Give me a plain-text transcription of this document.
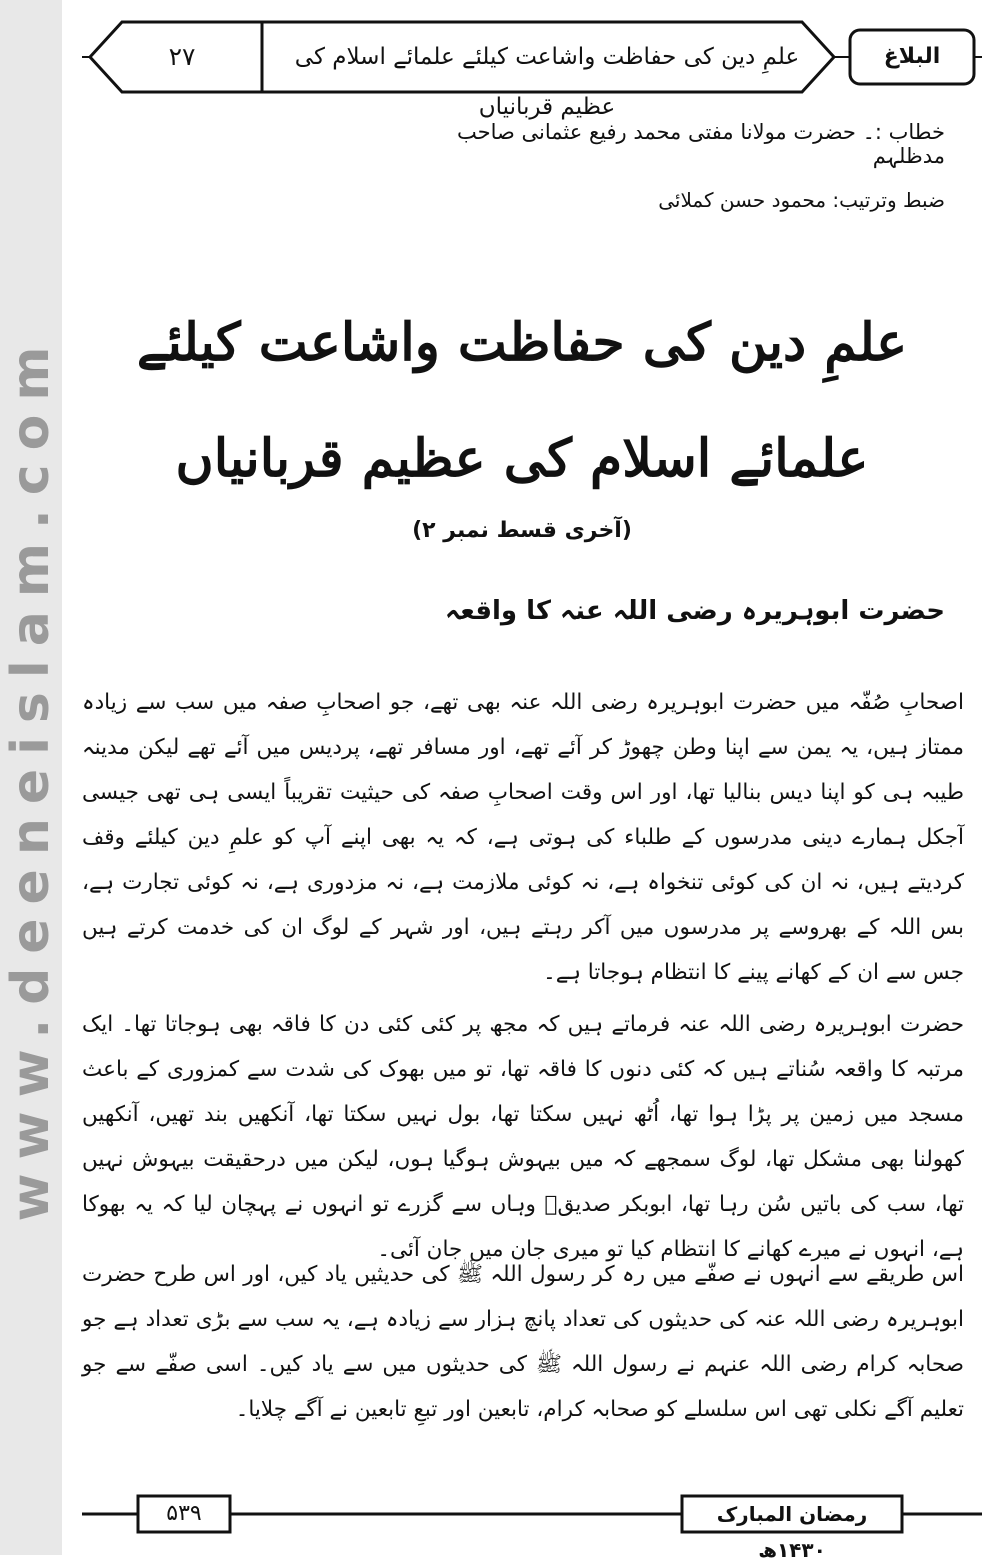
www.deeneislam.com
۲۷	علمِ دین کی حفاظت واشاعت کیلئے علمائے اسلام کی عظیم قربانیاں
البلاغ
خطاب :۔ حضرت مولانا مفتی محمد رفیع عثمانی صاحب مدظلہم
ضبط وترتیب: محمود حسن کملائی
علمِ دین کی حفاظت واشاعت کیلئے
علمائے اسلام کی عظیم قربانیاں
(آخری قسط نمبر ۲)
حضرت ابوہریرہ رضی اللہ عنہ کا واقعہ

اصحابِ صُفّہ میں حضرت ابوہریرہ رضی اللہ عنہ بھی تھے، جو اصحابِ صفہ میں سب سے زیادہ ممتاز ہیں، یہ یمن سے اپنا وطن چھوڑ کر آئے تھے، اور مسافر تھے، پردیس میں آئے تھے لیکن مدینہ طیبہ ہی کو اپنا دیس بنالیا تھا، اور اس وقت اصحابِ صفہ کی حیثیت تقریباً ایسی ہی تھی جیسی آجکل ہمارے دینی مدرسوں کے طلباء کی ہوتی ہے، کہ یہ بھی اپنے آپ کو علمِ دین کیلئے وقف کردیتے ہیں، نہ ان کی کوئی تنخواہ ہے، نہ کوئی ملازمت ہے، نہ مزدوری ہے، نہ کوئی تجارت ہے، بس اللہ کے بھروسے پر مدرسوں میں آکر رہتے ہیں، اور شہر کے لوگ ان کی خدمت کرتے ہیں جس سے ان کے کھانے پینے کا انتظام ہوجاتا ہے۔

حضرت ابوہریرہ رضی اللہ عنہ فرماتے ہیں کہ مجھ پر کئی کئی دن کا فاقہ بھی ہوجاتا تھا۔ ایک مرتبہ کا واقعہ سُناتے ہیں کہ کئی دنوں کا فاقہ تھا، تو میں بھوک کی شدت سے کمزوری کے باعث مسجد میں زمین پر پڑا ہوا تھا، اُٹھ نہیں سکتا تھا، بول نہیں سکتا تھا، آنکھیں بند تھیں، آنکھیں کھولنا بھی مشکل تھا، لوگ سمجھے کہ میں بیہوش ہوگیا ہوں، لیکن میں درحقیقت بیہوش نہیں تھا، سب کی باتیں سُن رہا تھا، ابوبکر صدیقؓ وہاں سے گزرے تو انہوں نے پہچان لیا کہ یہ بھوکا ہے، انہوں نے میرے کھانے کا انتظام کیا تو میری جان میں جان آئی۔

اس طریقے سے انہوں نے صفّے میں رہ کر رسول اللہ ﷺ کی حدیثیں یاد کیں، اور اس طرح حضرت ابوہریرہ رضی اللہ عنہ کی حدیثوں کی تعداد پانچ ہزار سے زیادہ ہے، یہ سب سے بڑی تعداد ہے جو صحابہ کرام رضی اللہ عنہم نے رسول اللہ ﷺ کی حدیثوں میں سے یاد کیں۔ اسی صفّے سے جو تعلیم آگے نکلی تھی اس سلسلے کو صحابہ کرام، تابعین اور تبعِ تابعین نے آگے چلایا۔

۵۳۹	رمضان المبارک ۱۴۳۰ھ
